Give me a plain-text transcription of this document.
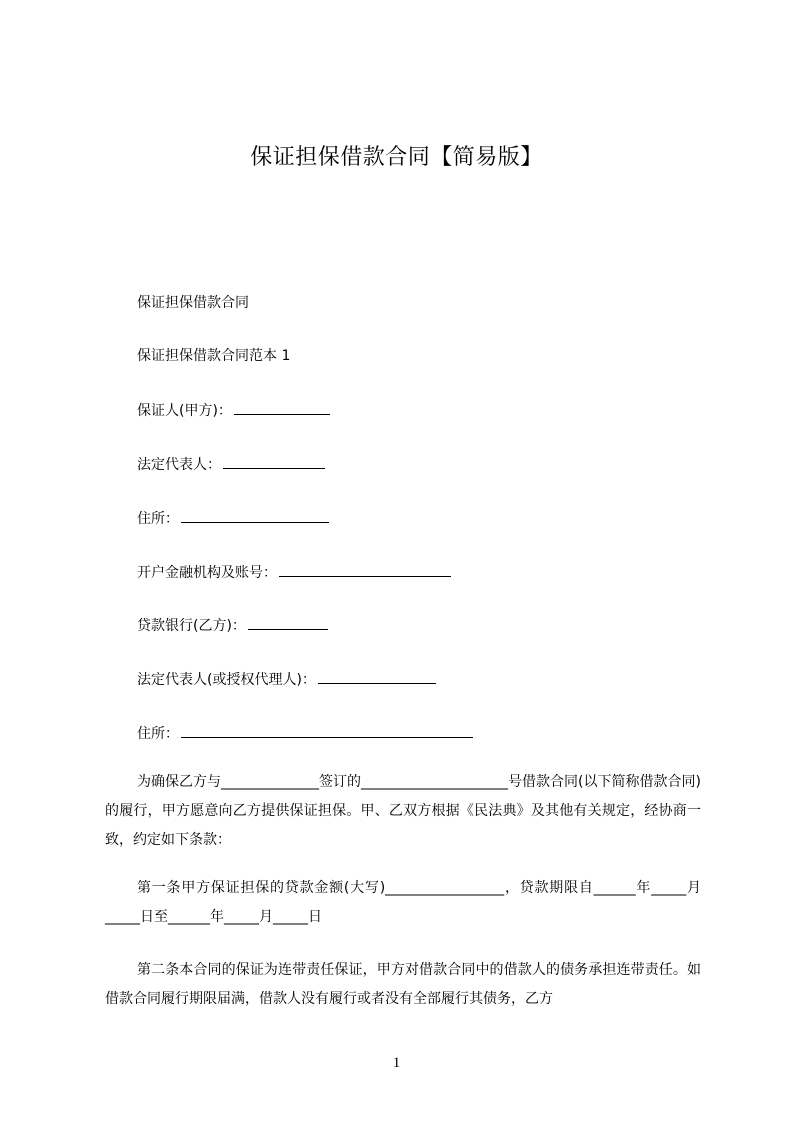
保证担保借款合同【简易版】
保证担保借款合同
保证担保借款合同范本 1
保证人(甲方)：
法定代表人：
住所：
开户金融机构及账号：
贷款银行(乙方)：
法定代表人(或授权代理人)：
住所：
为确保乙方与______________签订的_____________________号借款合同(以下简称借款合同)的履行，甲方愿意向乙方提供保证担保。甲、乙双方根据《民法典》及其他有关规定，经协商一致，约定如下条款：
第一条甲方保证担保的贷款金额(大写)_________________，贷款期限自______年_____月_____日至______年_____月_____日
第二条本合同的保证为连带责任保证，甲方对借款合同中的借款人的债务承担连带责任。如借款合同履行期限届满，借款人没有履行或者没有全部履行其债务，乙方
1
